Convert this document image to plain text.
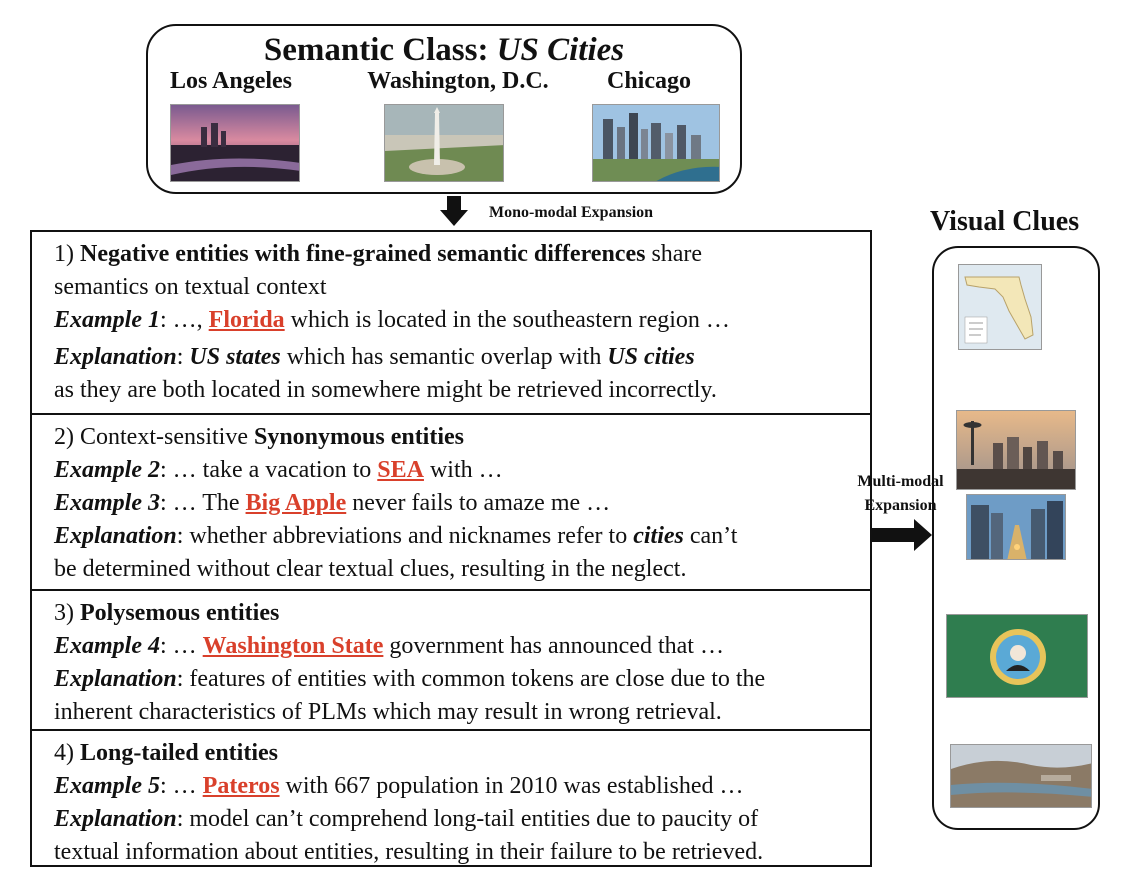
Semantic Class: US Cities
Los Angeles	Washington, D.C.	Chicago
Mono-modal Expansion
1) Negative entities with fine-grained semantic differences share
semantics on textual context
Example 1: …, Florida which is located in the southeastern region …
Explanation: US states which has semantic overlap with US cities
as they are both located in somewhere might be retrieved incorrectly.
2) Context-sensitive Synonymous entities
Example 2: … take a vacation to SEA with …
Example 3: … The Big Apple never fails to amaze me …
Explanation: whether abbreviations and nicknames refer to cities can’t
be determined without clear textual clues, resulting in the neglect.
3) Polysemous entities
Example 4: … Washington State government has announced that …
Explanation: features of entities with common tokens are close due to the
inherent characteristics of PLMs which may result in wrong retrieval.
4) Long-tailed entities
Example 5: … Pateros with 667 population in 2010 was established …
Explanation: model can’t comprehend long-tail entities due to paucity of
textual information about entities, resulting in their failure to be retrieved.
Multi-modal
Expansion
Visual Clues
